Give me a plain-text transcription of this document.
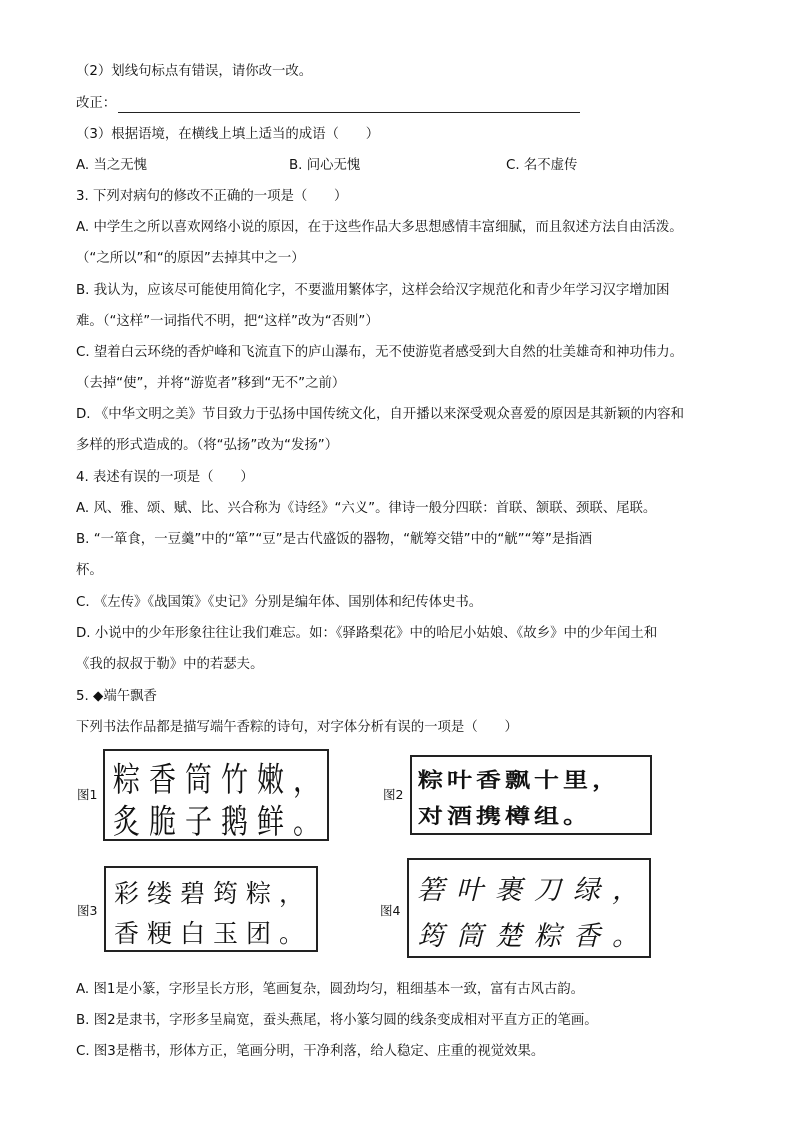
（2）划线句标点有错误，请你改一改。
改正：
（3）根据语境，在横线上填上适当的成语（　　）
A. 当之无愧	B. 问心无愧	C. 名不虚传
3. 下列对病句的修改不正确的一项是（　　）
A. 中学生之所以喜欢网络小说的原因，在于这些作品大多思想感情丰富细腻，而且叙述方法自由活泼。
（“之所以”和“的原因”去掉其中之一）
B. 我认为，应该尽可能使用简化字，不要滥用繁体字，这样会给汉字规范化和青少年学习汉字增加困
难。（“这样”一词指代不明，把“这样”改为“否则”）
C. 望着白云环绕的香炉峰和飞流直下的庐山瀑布，无不使游览者感受到大自然的壮美雄奇和神功伟力。
（去掉“使”，并将“游览者”移到“无不”之前）
D. 《中华文明之美》节目致力于弘扬中国传统文化，自开播以来深受观众喜爱的原因是其新颖的内容和
多样的形式造成的。（将“弘扬”改为“发扬”）
4. 表述有误的一项是（　　）
A. 风、雅、颂、赋、比、兴合称为《诗经》“六义”。律诗一般分四联：首联、颔联、颈联、尾联。
B. “一箪食，一豆羹”中的“箪”“豆”是古代盛饭的器物，“觥筹交错”中的“觥”“筹”是指酒
杯。
C. 《左传》《战国策》《史记》分别是编年体、国别体和纪传体史书。
D. 小说中的少年形象往往让我们难忘。如：《驿路梨花》中的哈尼小姑娘、《故乡》中的少年闰土和
《我的叔叔于勒》中的若瑟夫。
5. ◆端午飘香
下列书法作品都是描写端午香粽的诗句，对字体分析有误的一项是（　　）
图1 粽香筒竹嫩，
炙脆子鹅鲜。
图2
粽叶香飘十里，
对酒携樽组。
图3
彩缕碧筠粽，
香粳白玉团。
图4
箬叶裹刀绿，
筠筒楚粽香。
A. 图1是小篆，字形呈长方形，笔画复杂，圆劲均匀，粗细基本一致，富有古风古韵。
B. 图2是隶书，字形多呈扁宽，蚕头燕尾，将小篆匀圆的线条变成相对平直方正的笔画。
C. 图3是楷书，形体方正，笔画分明，干净利落，给人稳定、庄重的视觉效果。
